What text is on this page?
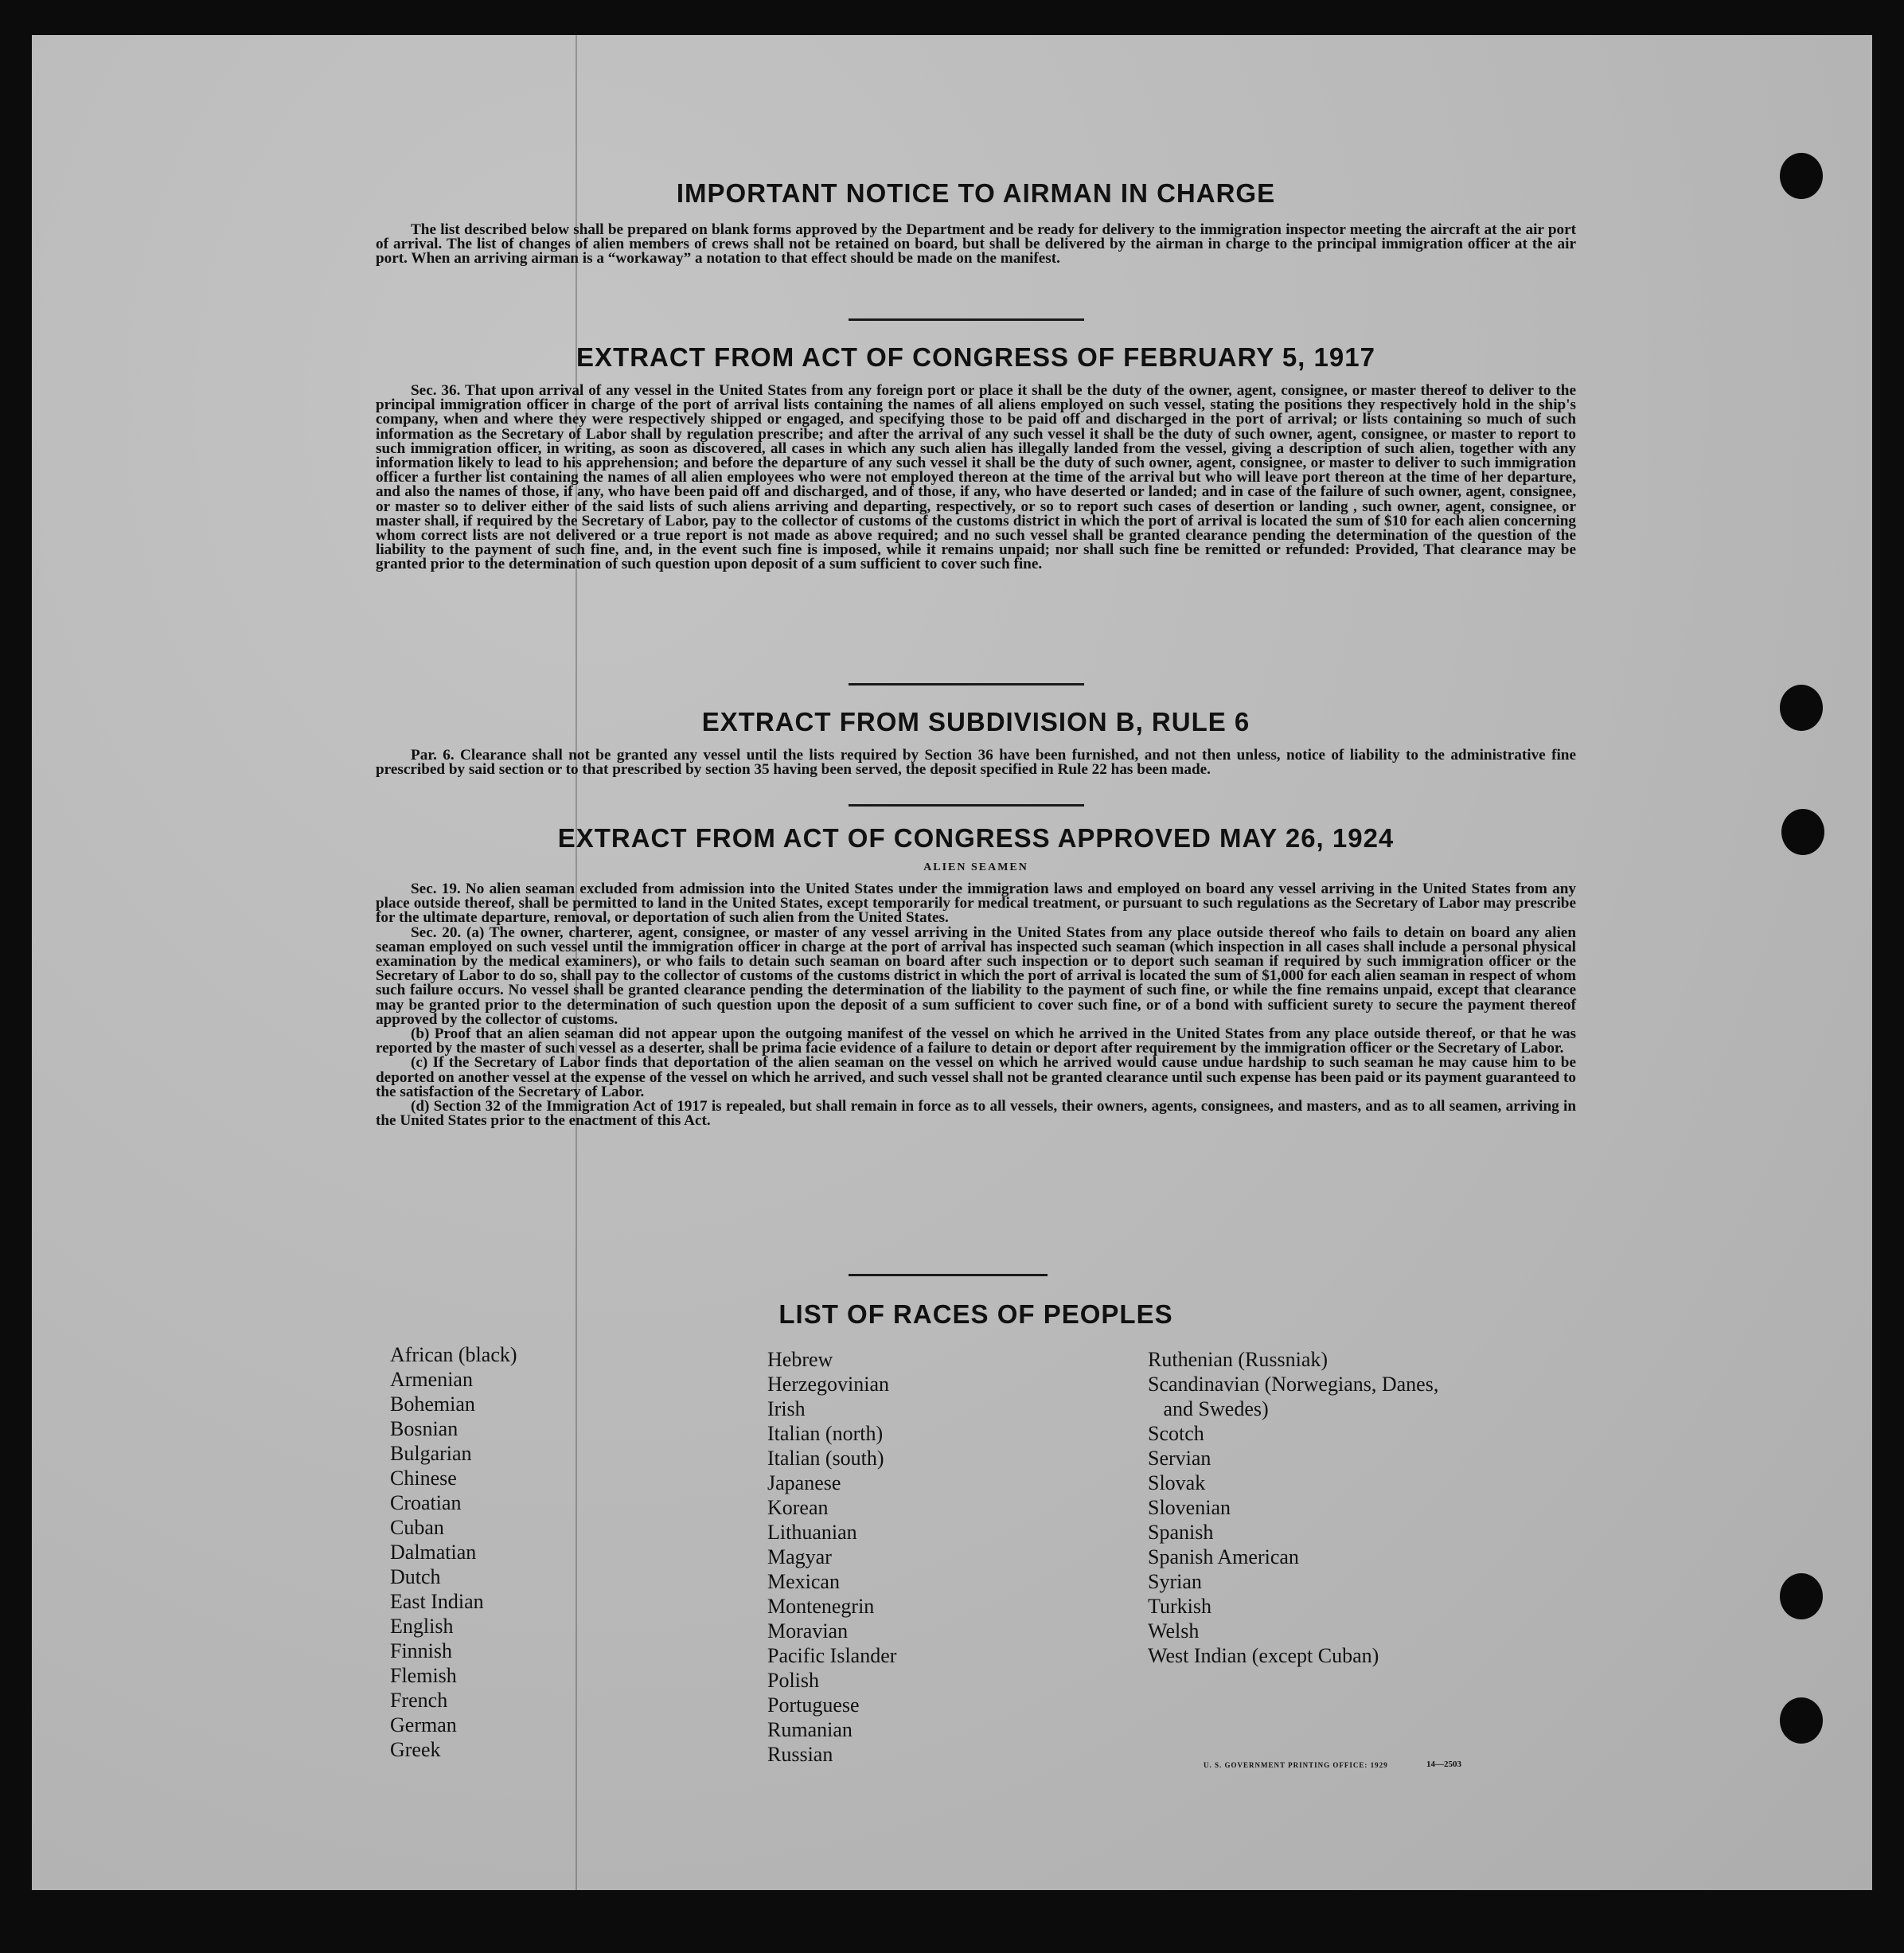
IMPORTANT NOTICE TO AIRMAN IN CHARGE

The list described below shall be prepared on blank forms approved by the Department and be ready for delivery to the immigration inspector meeting the aircraft at the air port of arrival. The list of changes of alien members of crews shall not be retained on board, but shall be delivered by the airman in charge to the principal immigration officer at the air port. When an arriving airman is a “workaway” a notation to that effect should be made on the manifest.

EXTRACT FROM ACT OF CONGRESS OF FEBRUARY 5, 1917

Sec. 36. That upon arrival of any vessel in the United States from any foreign port or place it shall be the duty of the owner, agent, consignee, or master thereof to deliver to the principal immigration officer in charge of the port of arrival lists containing the names of all aliens employed on such vessel, stating the positions they respectively hold in the ship's company, when and where they were respectively shipped or engaged, and specifying those to be paid off and discharged in the port of arrival; or lists containing so much of such information as the Secretary of Labor shall by regulation prescribe; and after the arrival of any such vessel it shall be the duty of such owner, agent, consignee, or master to report to such immigration officer, in writing, as soon as discovered, all cases in which any such alien has illegally landed from the vessel, giving a description of such alien, together with any information likely to lead to his apprehension; and before the departure of any such vessel it shall be the duty of such owner, agent, consignee, or master to deliver to such immigration officer a further list containing the names of all alien employees who were not employed thereon at the time of the arrival but who will leave port thereon at the time of her departure, and also the names of those, if any, who have been paid off and discharged, and of those, if any, who have deserted or landed; and in case of the failure of such owner, agent, consignee, or master so to deliver either of the said lists of such aliens arriving and departing, respectively, or so to report such cases of desertion or landing , such owner, agent, consignee, or master shall, if required by the Secretary of Labor, pay to the collector of customs of the customs district in which the port of arrival is located the sum of $10 for each alien concerning whom correct lists are not delivered or a true report is not made as above required; and no such vessel shall be granted clearance pending the determination of the question of the liability to the payment of such fine, and, in the event such fine is imposed, while it remains unpaid; nor shall such fine be remitted or refunded: Provided, That clearance may be granted prior to the determination of such question upon deposit of a sum sufficient to cover such fine.

EXTRACT FROM SUBDIVISION B, RULE 6

Par. 6. Clearance shall not be granted any vessel until the lists required by Section 36 have been furnished, and not then unless, notice of liability to the administrative fine prescribed by said section or to that prescribed by section 35 having been served, the deposit specified in Rule 22 has been made.

EXTRACT FROM ACT OF CONGRESS APPROVED MAY 26, 1924

ALIEN SEAMEN

Sec. 19. No alien seaman excluded from admission into the United States under the immigration laws and employed on board any vessel arriving in the United States from any place outside thereof, shall be permitted to land in the United States, except temporarily for medical treatment, or pursuant to such regulations as the Secretary of Labor may prescribe for the ultimate departure, removal, or deportation of such alien from the United States.

Sec. 20. (a) The owner, charterer, agent, consignee, or master of any vessel arriving in the United States from any place outside thereof who fails to detain on board any alien seaman employed on such vessel until the immigration officer in charge at the port of arrival has inspected such seaman (which inspection in all cases shall include a personal physical examination by the medical examiners), or who fails to detain such seaman on board after such inspection or to deport such seaman if required by such immigration officer or the Secretary of Labor to do so, shall pay to the collector of customs of the customs district in which the port of arrival is located the sum of $1,000 for each alien seaman in respect of whom such failure occurs. No vessel shall be granted clearance pending the determination of the liability to the payment of such fine, or while the fine remains unpaid, except that clearance may be granted prior to the determination of such question upon the deposit of a sum sufficient to cover such fine, or of a bond with sufficient surety to secure the payment thereof approved by the collector of customs.

(b) Proof that an alien seaman did not appear upon the outgoing manifest of the vessel on which he arrived in the United States from any place outside thereof, or that he was reported by the master of such vessel as a deserter, shall be prima facie evidence of a failure to detain or deport after requirement by the immigration officer or the Secretary of Labor.

(c) If the Secretary of Labor finds that deportation of the alien seaman on the vessel on which he arrived would cause undue hardship to such seaman he may cause him to be deported on another vessel at the expense of the vessel on which he arrived, and such vessel shall not be granted clearance until such expense has been paid or its payment guaranteed to the satisfaction of the Secretary of Labor.

(d) Section 32 of the Immigration Act of 1917 is repealed, but shall remain in force as to all vessels, their owners, agents, consignees, and masters, and as to all seamen, arriving in the United States prior to the enactment of this Act.

LIST OF RACES OF PEOPLES
African (black)
Armenian
Bohemian
Bosnian
Bulgarian
Chinese
Croatian
Cuban
Dalmatian
Dutch
East Indian
English
Finnish
Flemish
French
German
Greek
Hebrew
Herzegovinian
Irish
Italian (north)
Italian (south)
Japanese
Korean
Lithuanian
Magyar
Mexican
Montenegrin
Moravian
Pacific Islander
Polish
Portuguese
Rumanian
Russian
Ruthenian (Russniak)
Scandinavian (Norwegians, Danes,
and Swedes)
Scotch
Servian
Slovak
Slovenian
Spanish
Spanish American
Syrian
Turkish
Welsh
West Indian (except Cuban)
U. S. GOVERNMENT PRINTING OFFICE: 1929	14—2503
